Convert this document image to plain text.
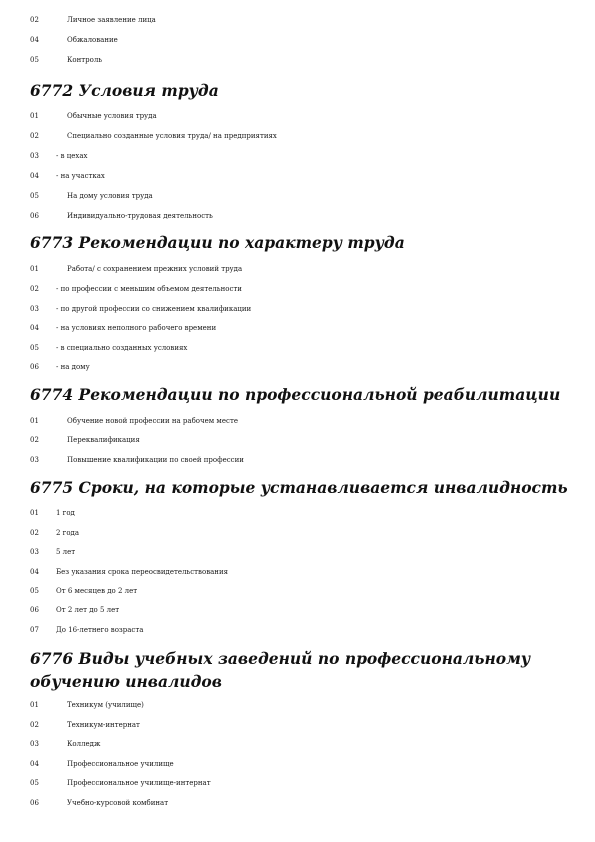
02	Личное заявление лица
04	Обжалование
05	Контроль
6772 Условия труда
01	Обычные условия труда
02	Специально созданные условия труда/ на предприятиях
03 - в цехах
04 - на участках
05	На дому условия труда
06	Индивидуально-трудовая деятельность
6773 Рекомендации по характеру труда
01	Работа/ с сохранением прежних условий труда
02 - по профессии с меньшим объемом деятельности
03 - по другой профессии со снижением квалификации
04 - на условиях неполного рабочего времени
05 - в специально созданных условиях
06 - на дому
6774 Рекомендации по профессиональной реабилитации
01	Обучение новой профессии на рабочем месте
02	Переквалификация
03	Повышение квалификации по своей профессии
6775 Сроки, на которые устанавливается инвалидность
01 1 год
02 2 года
03 5 лет
04 Без указания срока переосвидетельствования
05 От 6 месяцев до 2 лет
06 От 2 лет до 5 лет
07 До 16-летнего возраста
6776 Виды учебных заведений по профессиональному обучению инвалидов
01	Техникум (училище)
02	Техникум-интернат
03	Колледж
04	Профессиональное училище
05	Профессиональное училище-интернат
06	Учебно-курсовой комбинат
